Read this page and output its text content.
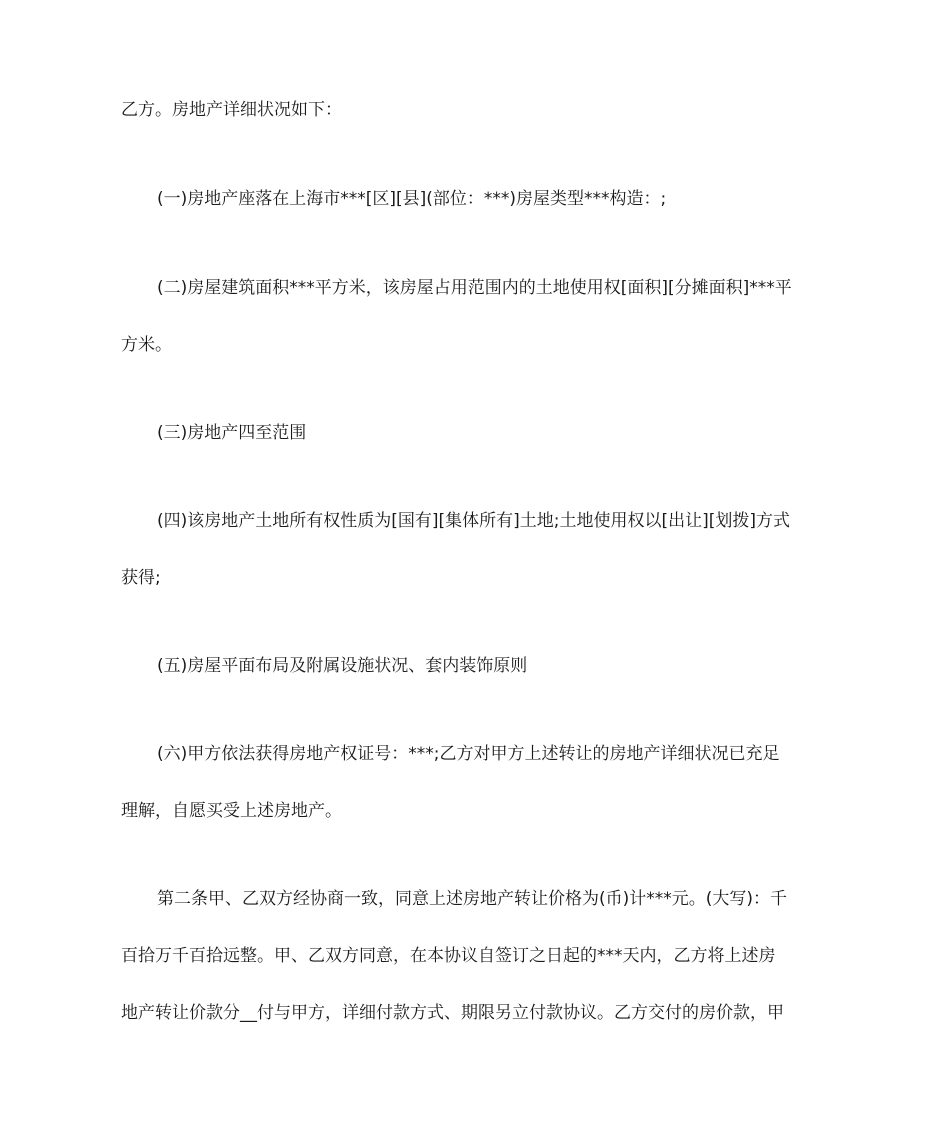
乙方。房地产详细状况如下：
(一)房地产座落在上海市***[区][县](部位：***)房屋类型***构造：;
(二)房屋建筑面积***平方米，该房屋占用范围内的土地使用权[面积][分摊面积]***平
方米。
(三)房地产四至范围
(四)该房地产土地所有权性质为[国有][集体所有]土地;土地使用权以[出让][划拨]方式
获得;
(五)房屋平面布局及附属设施状况、套内装饰原则
(六)甲方依法获得房地产权证号：***;乙方对甲方上述转让的房地产详细状况已充足
理解，自愿买受上述房地产。
第二条甲、乙双方经协商一致，同意上述房地产转让价格为(币)计***元。(大写)：千
百拾万千百拾远整。甲、乙双方同意，在本协议自签订之日起的***天内，乙方将上述房
地产转让价款分__付与甲方，详细付款方式、期限另立付款协议。乙方交付的房价款，甲
